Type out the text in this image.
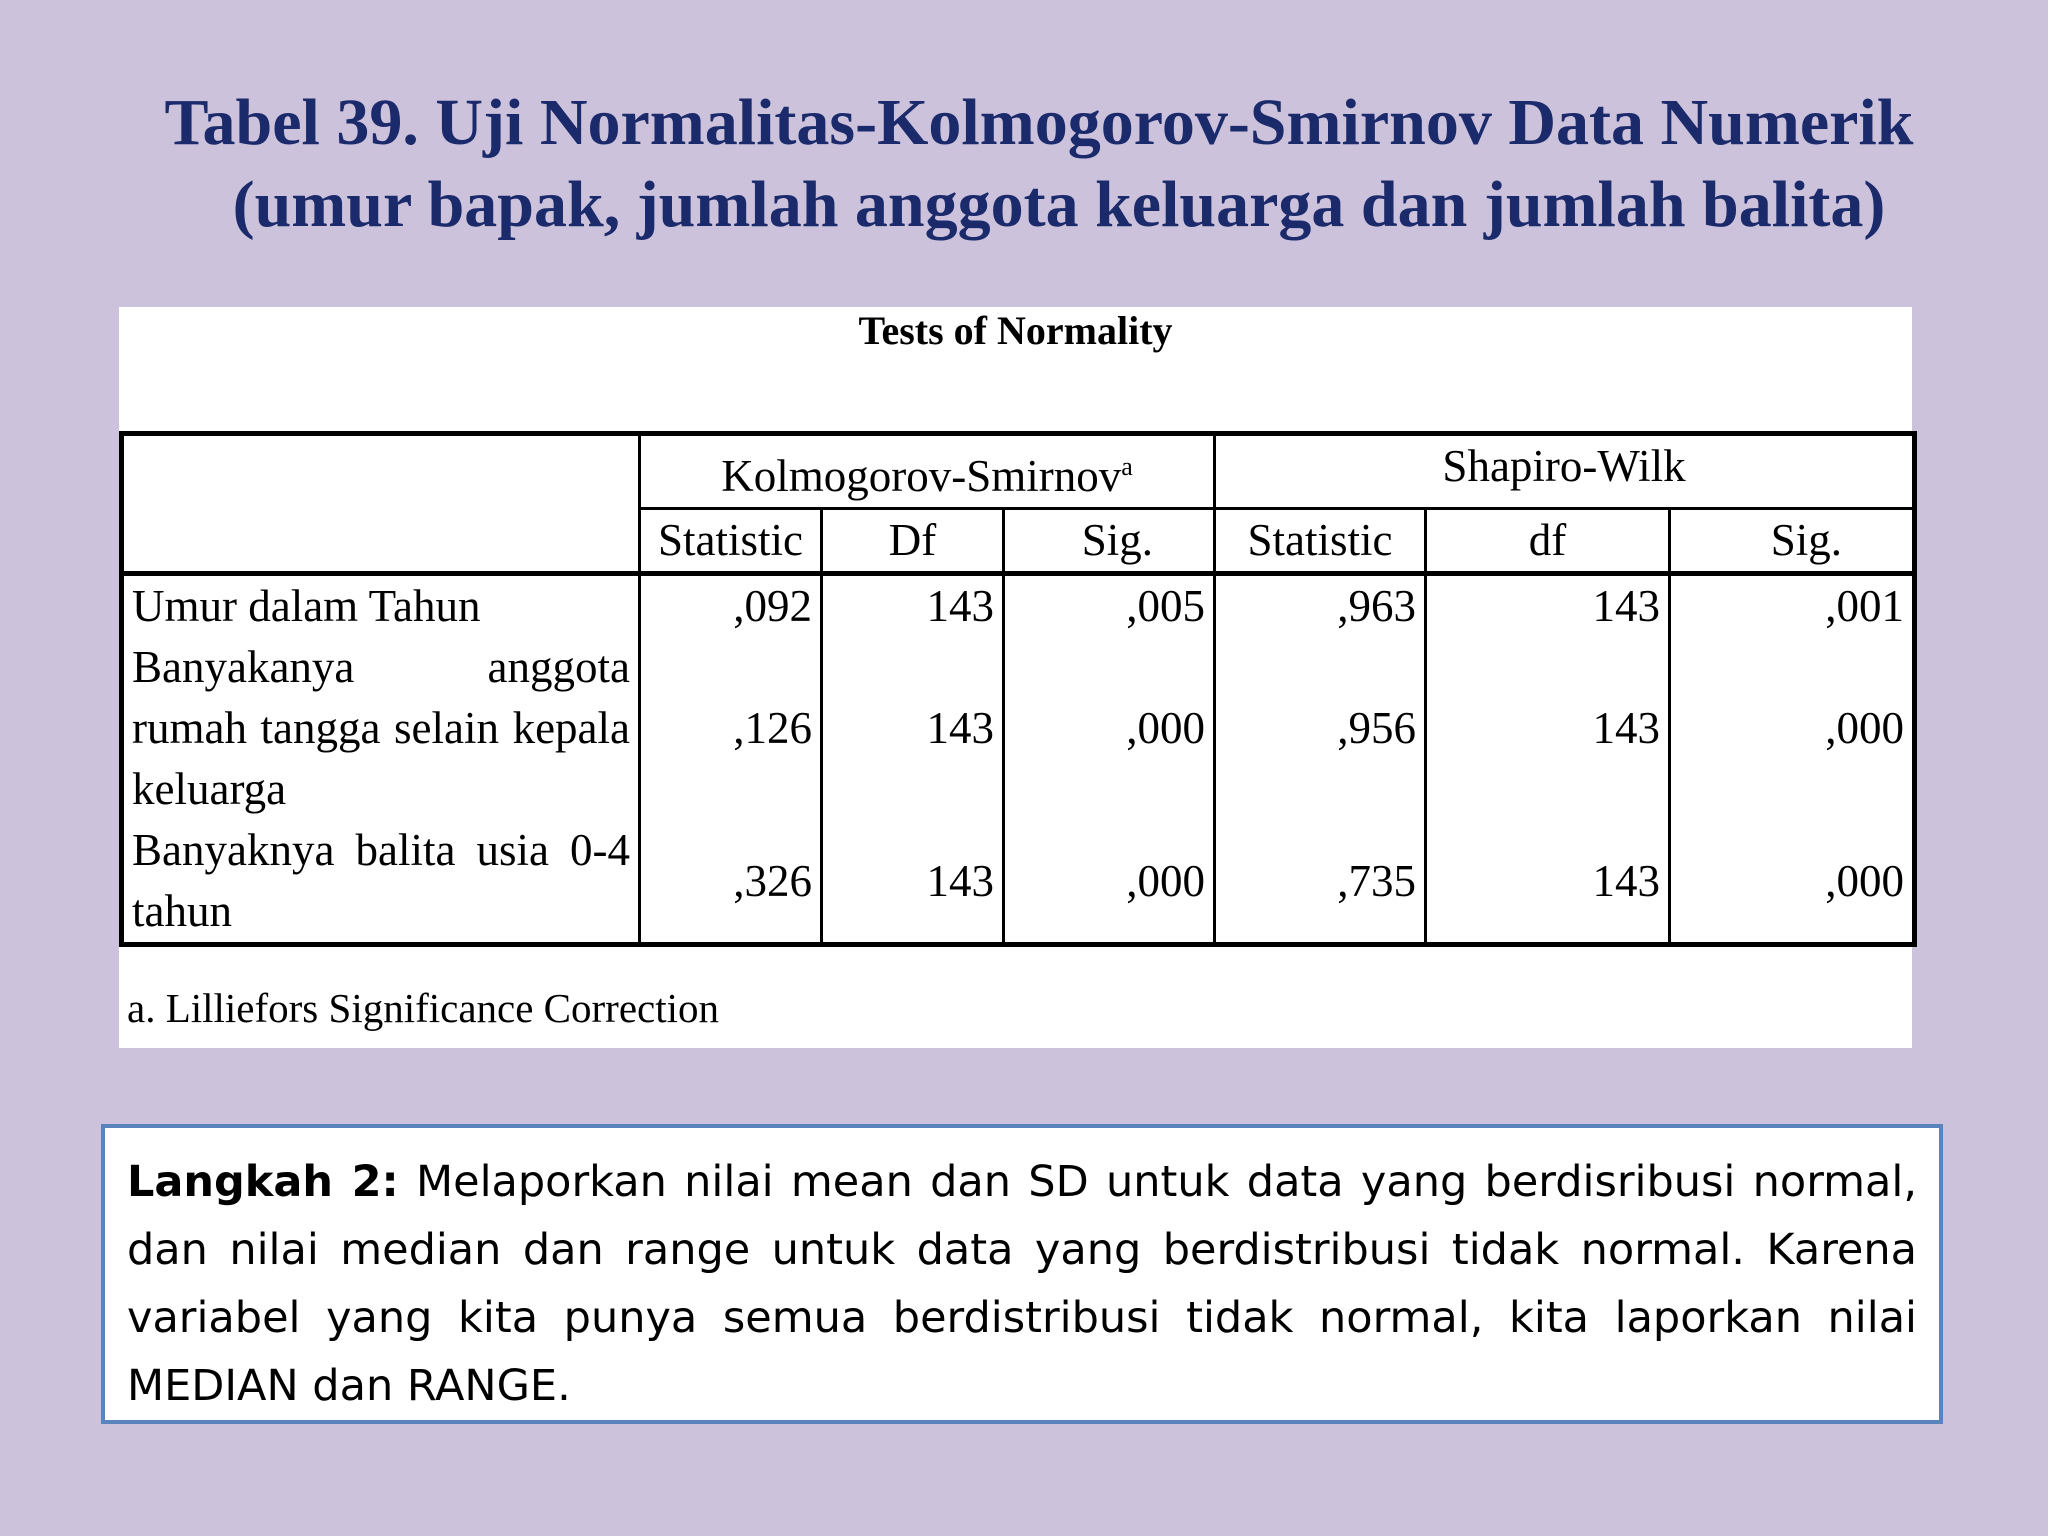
Tabel 39. Uji Normalitas-Kolmogorov-Smirnov Data Numerik
(umur bapak, jumlah anggota keluarga dan jumlah balita)
Tests of Normality
	Kolmogorov-Smirnov$^a$			Shapiro-Wilk		
	Statistic	Df	Sig.	Statistic	df	Sig.
Umur dalam Tahun	,092	143	,005	,963	143	,001
Banyakanya anggota rumah tangga selain kepala keluarga	,126	143	,000	,956	143	,000
Banyaknya balita usia 0-4 tahun	,326	143	,000	,735	143	,000
a. Lilliefors Significance Correction
Langkah 2: Melaporkan nilai mean dan SD untuk data yang berdisribusi normal, dan nilai median dan range untuk data yang berdistribusi tidak normal. Karena variabel yang kita punya semua berdistribusi tidak normal, kita laporkan nilai MEDIAN dan RANGE.
